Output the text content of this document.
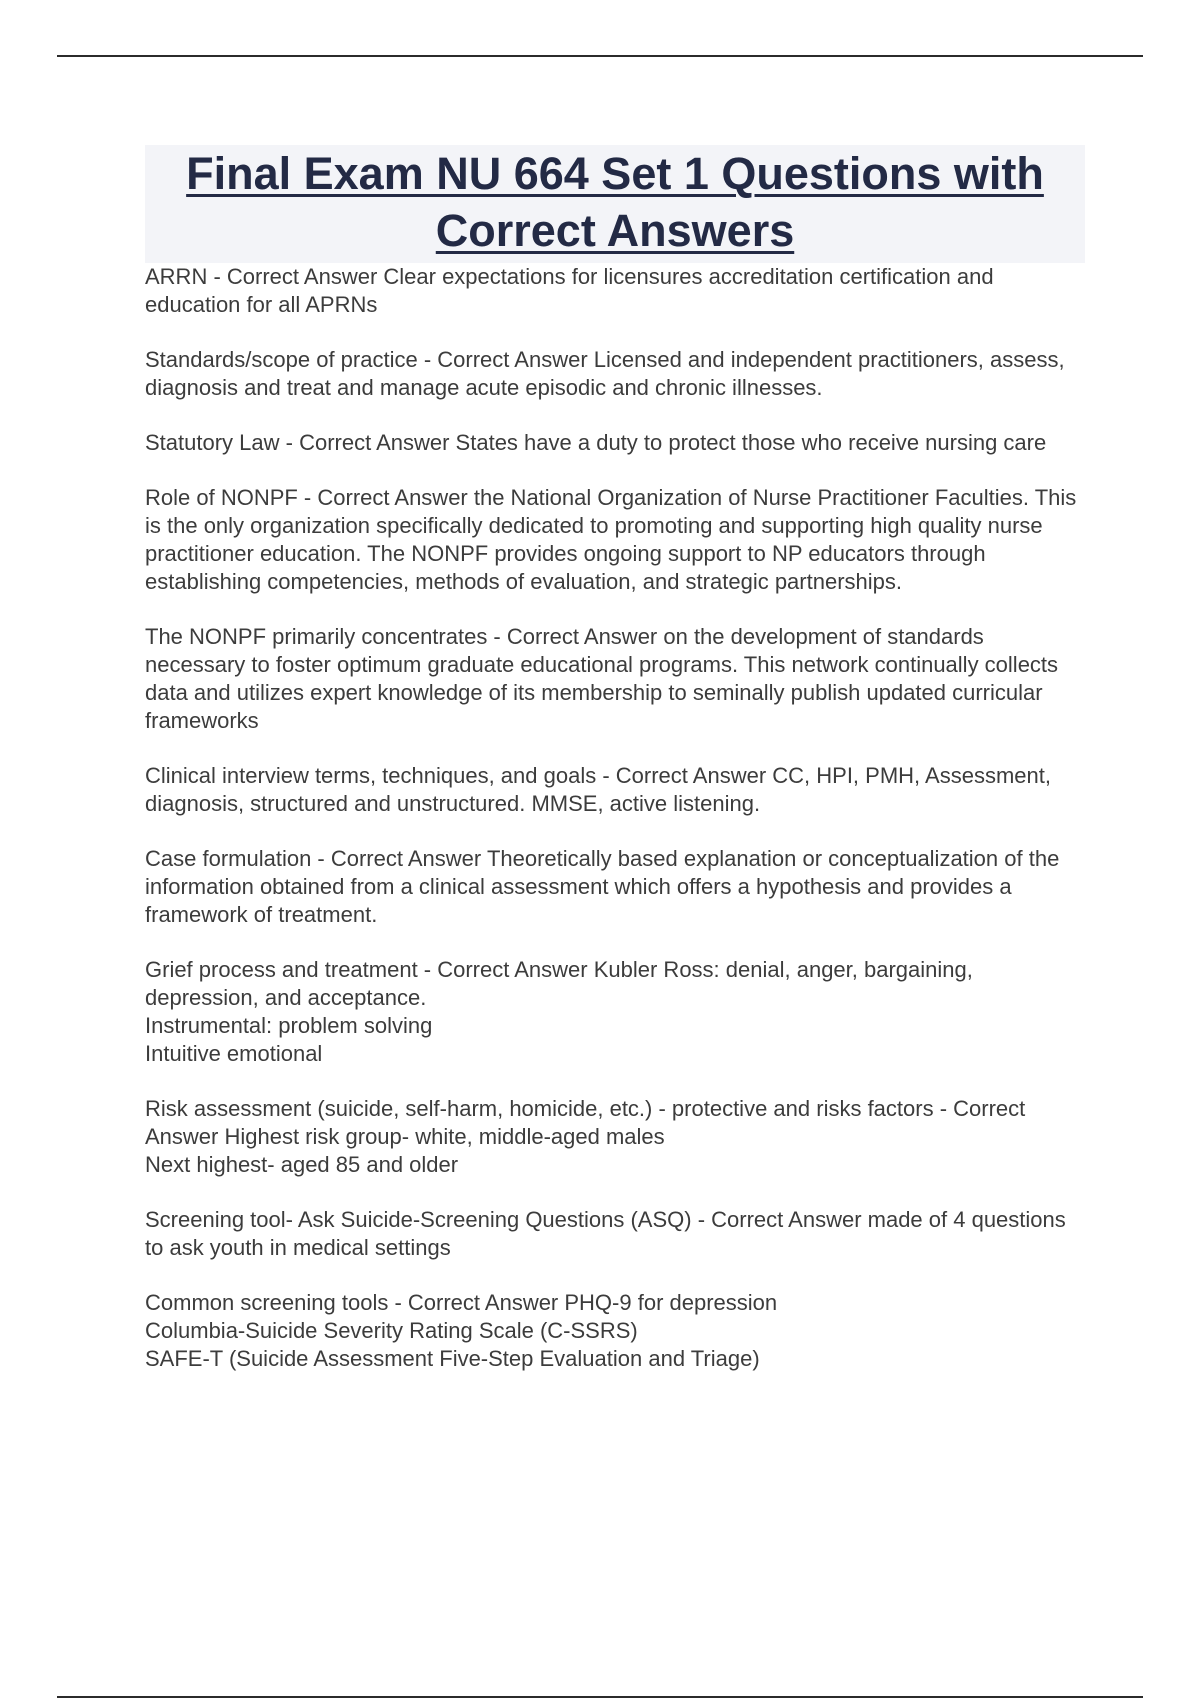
Final Exam NU 664 Set 1 Questions with Correct Answers

ARRN - Correct Answer Clear expectations for licensures accreditation certification and education for all APRNs

Standards/scope of practice - Correct Answer Licensed and independent practitioners, assess, diagnosis and treat and manage acute episodic and chronic illnesses.

Statutory Law - Correct Answer States have a duty to protect those who receive nursing care

Role of NONPF - Correct Answer the National Organization of Nurse Practitioner Faculties. This is the only organization specifically dedicated to promoting and supporting high quality nurse practitioner education. The NONPF provides ongoing support to NP educators through establishing competencies, methods of evaluation, and strategic partnerships.

The NONPF primarily concentrates - Correct Answer on the development of standards necessary to foster optimum graduate educational programs. This network continually collects data and utilizes expert knowledge of its membership to seminally publish updated curricular frameworks

Clinical interview terms, techniques, and goals - Correct Answer CC, HPI, PMH, Assessment, diagnosis, structured and unstructured. MMSE, active listening.

Case formulation - Correct Answer Theoretically based explanation or conceptualization of the information obtained from a clinical assessment which offers a hypothesis and provides a framework of treatment.

Grief process and treatment - Correct Answer Kubler Ross: denial, anger, bargaining, depression, and acceptance.
Instrumental: problem solving
Intuitive emotional

Risk assessment (suicide, self-harm, homicide, etc.) - protective and risks factors - Correct Answer Highest risk group- white, middle-aged males
Next highest- aged 85 and older

Screening tool- Ask Suicide-Screening Questions (ASQ) - Correct Answer made of 4 questions to ask youth in medical settings

Common screening tools - Correct Answer PHQ-9 for depression
Columbia-Suicide Severity Rating Scale (C-SSRS)
SAFE-T (Suicide Assessment Five-Step Evaluation and Triage)
